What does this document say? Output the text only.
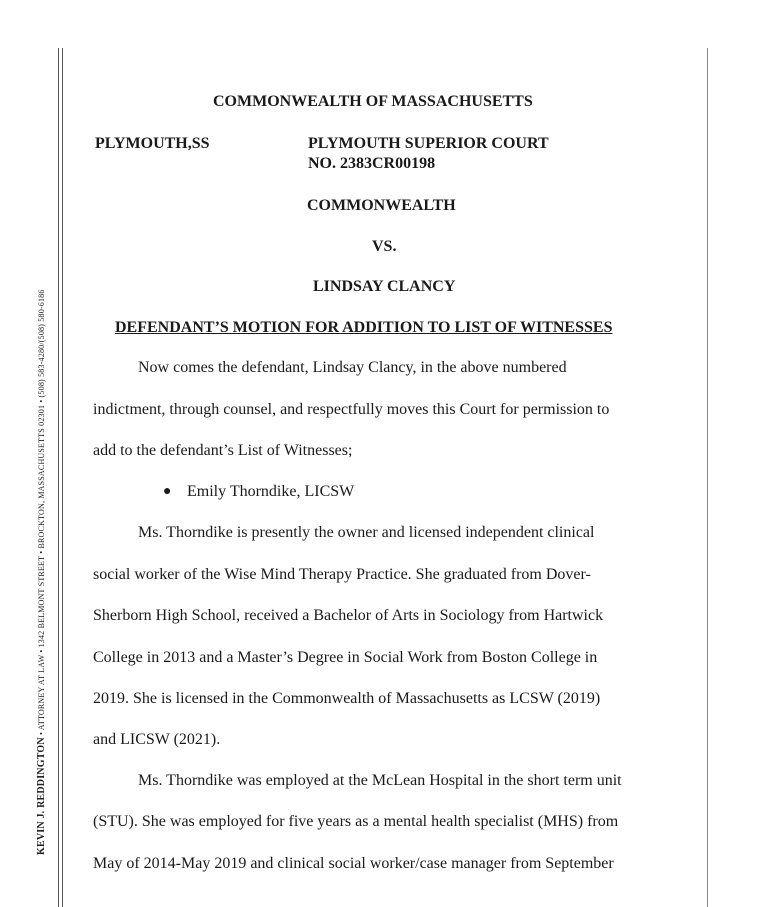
KEVIN J. REDDINGTON • ATTORNEY AT LAW • 1342 BELMONT STREET • BROCKTON, MASSACHUSETTS 02301 • (508) 583-4280/(508) 580-6186
COMMONWEALTH OF MASSACHUSETTS
PLYMOUTH,SS	PLYMOUTH SUPERIOR COURT
NO. 2383CR00198
COMMONWEALTH
VS.
LINDSAY CLANCY
DEFENDANT’S MOTION FOR ADDITION TO LIST OF WITNESSES
Now comes the defendant, Lindsay Clancy, in the above numbered
indictment, through counsel, and respectfully moves this Court for permission to
add to the defendant’s List of Witnesses;
● Emily Thorndike, LICSW
Ms. Thorndike is presently the owner and licensed independent clinical
social worker of the Wise Mind Therapy Practice. She graduated from Dover-
Sherborn High School, received a Bachelor of Arts in Sociology from Hartwick
College in 2013 and a Master’s Degree in Social Work from Boston College in
2019. She is licensed in the Commonwealth of Massachusetts as LCSW (2019)
and LICSW (2021).
Ms. Thorndike was employed at the McLean Hospital in the short term unit
(STU). She was employed for five years as a mental health specialist (MHS) from
May of 2014-May 2019 and clinical social worker/case manager from September
